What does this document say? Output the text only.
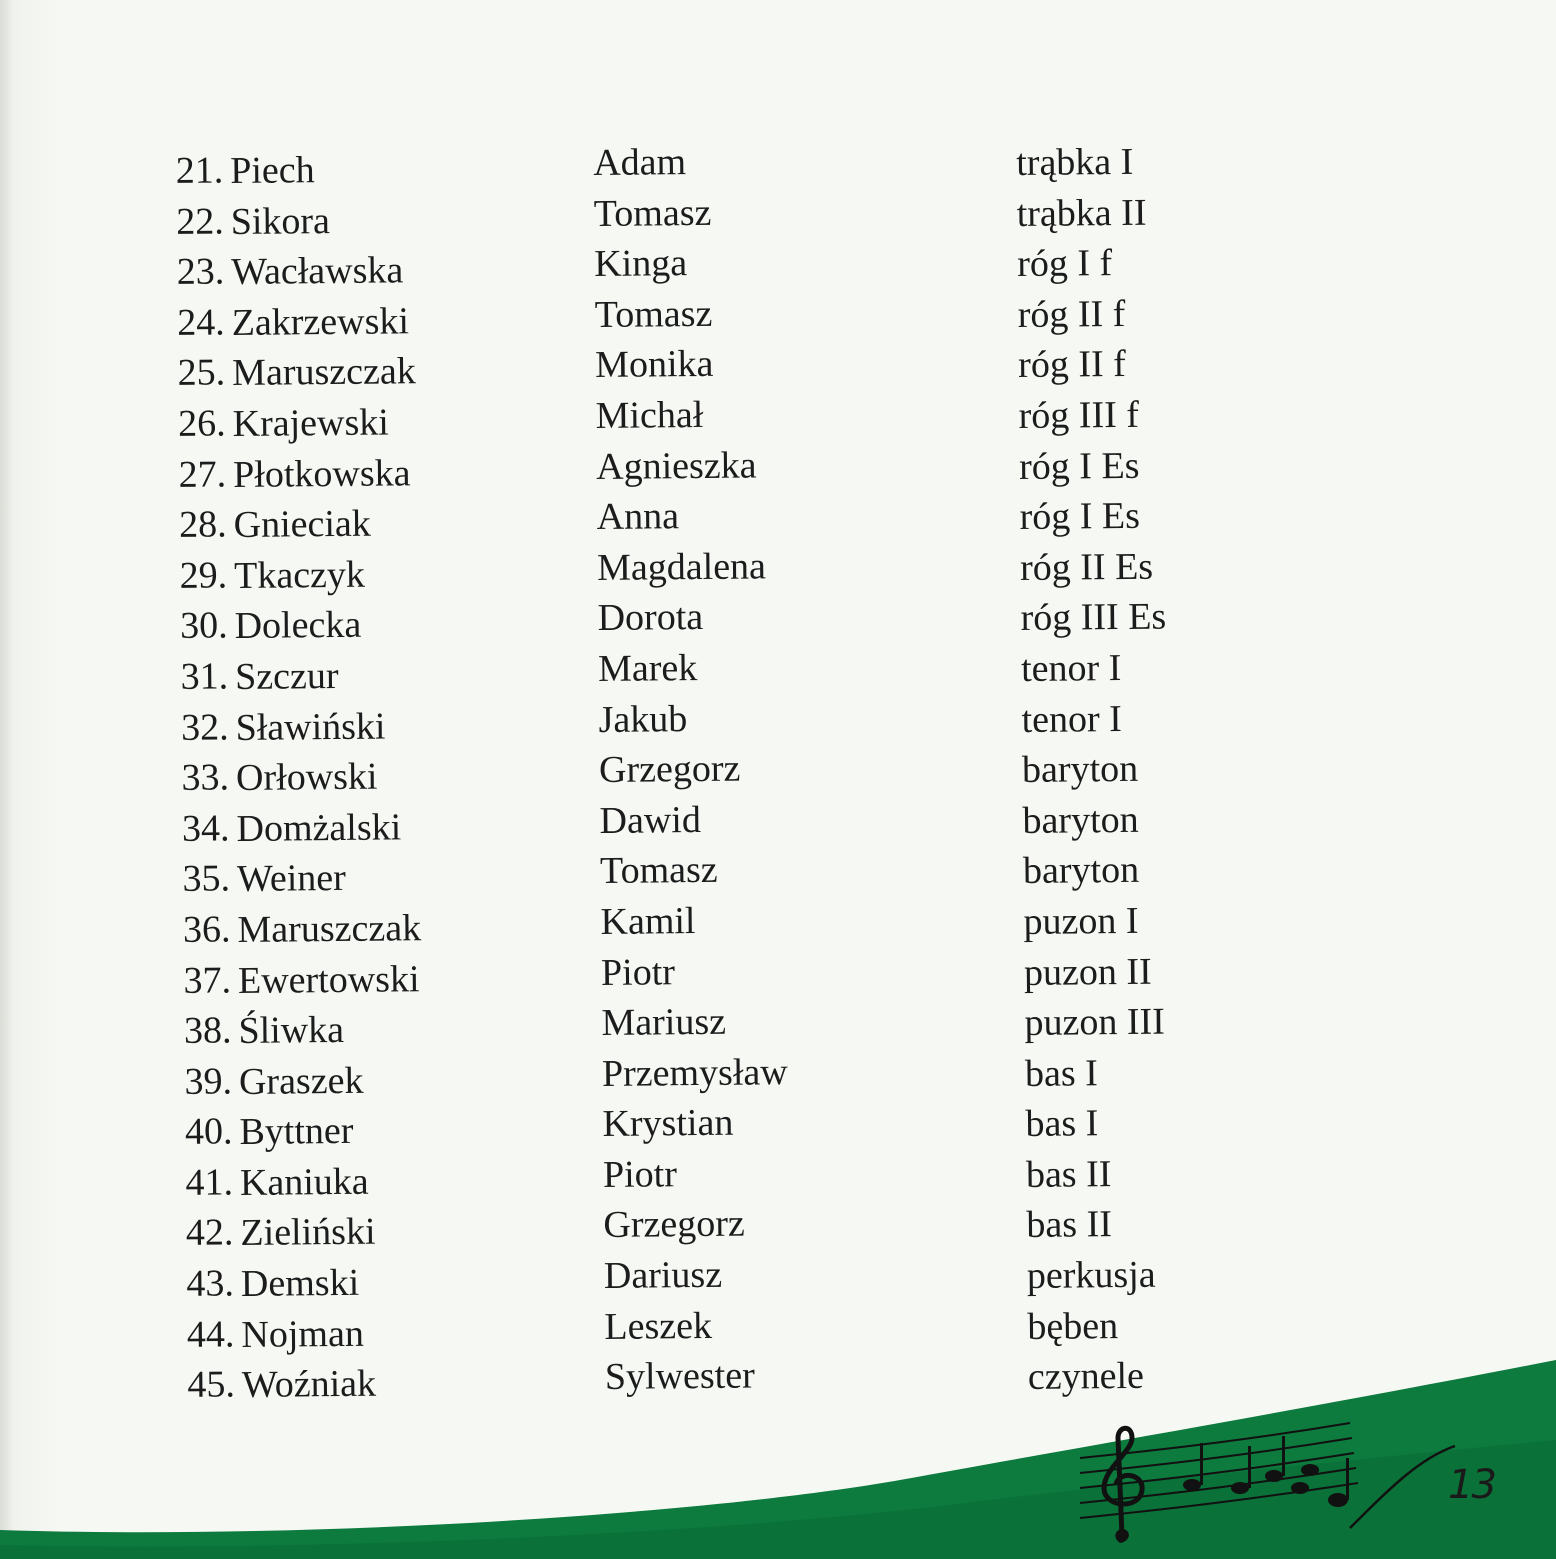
21.
22.
23.
24.
25.
26.
27.
28.
29.
30.
31.
32.
33.
34.
35.
36.
37.
38.
39.
40.
41.
42.
43.
44.
45.
Piech
Sikora
Wacławska
Zakrzewski
Maruszczak
Krajewski
Płotkowska
Gnieciak
Tkaczyk
Dolecka
Szczur
Sławiński
Orłowski
Domżalski
Weiner
Maruszczak
Ewertowski
Śliwka
Graszek
Byttner
Kaniuka
Zieliński
Demski
Nojman
Woźniak
Adam
Tomasz
Kinga
Tomasz
Monika
Michał
Agnieszka
Anna
Magdalena
Dorota
Marek
Jakub
Grzegorz
Dawid
Tomasz
Kamil
Piotr
Mariusz
Przemysław
Krystian
Piotr
Grzegorz
Dariusz
Leszek
Sylwester
trąbka I
trąbka II
róg I f
róg II f
róg II f
róg III f
róg I Es
róg I Es
róg II Es
róg III Es
tenor I
tenor I
baryton
baryton
baryton
puzon I
puzon II
puzon III
bas I
bas I
bas II
bas II
perkusja
bęben
czynele
13
